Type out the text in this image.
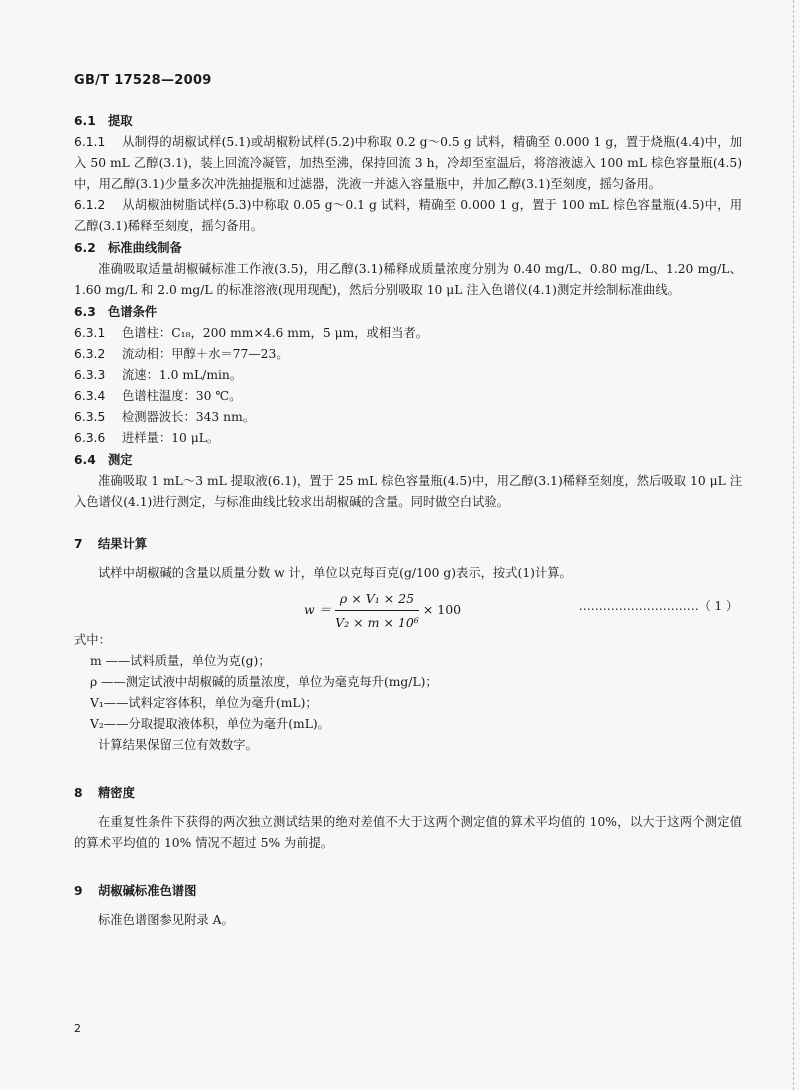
GB/T 17528—2009
6.1 提取
6.1.1 从制得的胡椒试样(5.1)或胡椒粉试样(5.2)中称取 0.2 g～0.5 g 试料，精确至 0.000 1 g，置于烧瓶(4.4)中，加入 50 mL 乙醇(3.1)，装上回流冷凝管，加热至沸，保持回流 3 h，冷却至室温后，将溶液滤入 100 mL 棕色容量瓶(4.5)中，用乙醇(3.1)少量多次冲洗抽提瓶和过滤器，洗液一并滤入容量瓶中，并加乙醇(3.1)至刻度，摇匀备用。
6.1.2 从胡椒油树脂试样(5.3)中称取 0.05 g～0.1 g 试料，精确至 0.000 1 g，置于 100 mL 棕色容量瓶(4.5)中，用乙醇(3.1)稀释至刻度，摇匀备用。
6.2 标准曲线制备
准确吸取适量胡椒碱标准工作液(3.5)，用乙醇(3.1)稀释成质量浓度分别为 0.40 mg/L、0.80 mg/L、1.20 mg/L、1.60 mg/L 和 2.0 mg/L 的标准溶液(现用现配)，然后分别吸取 10 μL 注入色谱仪(4.1)测定并绘制标准曲线。
6.3 色谱条件
6.3.1 色谱柱：C₁₈，200 mm×4.6 mm，5 μm，或相当者。
6.3.2 流动相：甲醇＋水＝77—23。
6.3.3 流速：1.0 mL/min。
6.3.4 色谱柱温度：30 ℃。
6.3.5 检测器波长：343 nm。
6.3.6 进样量：10 μL。
6.4 测定
准确吸取 1 mL～3 mL 提取液(6.1)，置于 25 mL 棕色容量瓶(4.5)中，用乙醇(3.1)稀释至刻度，然后吸取 10 μL 注入色谱仪(4.1)进行测定，与标准曲线比较求出胡椒碱的含量。同时做空白试验。
7 结果计算
试样中胡椒碱的含量以质量分数 w 计，单位以克每百克(g/100 g)表示，按式(1)计算。
$w = \frac{\text{ρ × V₁ × 25}}{\text{V₂ × m × 10⁶}} \times 100$	…………………………（ 1 ）
式中：
m ——试料质量，单位为克(g)；
ρ ——测定试液中胡椒碱的质量浓度，单位为毫克每升(mg/L)；
V₁——试料定容体积，单位为毫升(mL)；
V₂——分取提取液体积，单位为毫升(mL)。
计算结果保留三位有效数字。
8 精密度
在重复性条件下获得的两次独立测试结果的绝对差值不大于这两个测定值的算术平均值的 10%，以大于这两个测定值的算术平均值的 10% 情况不超过 5% 为前提。
9 胡椒碱标准色谱图
标准色谱图参见附录 A。
2
